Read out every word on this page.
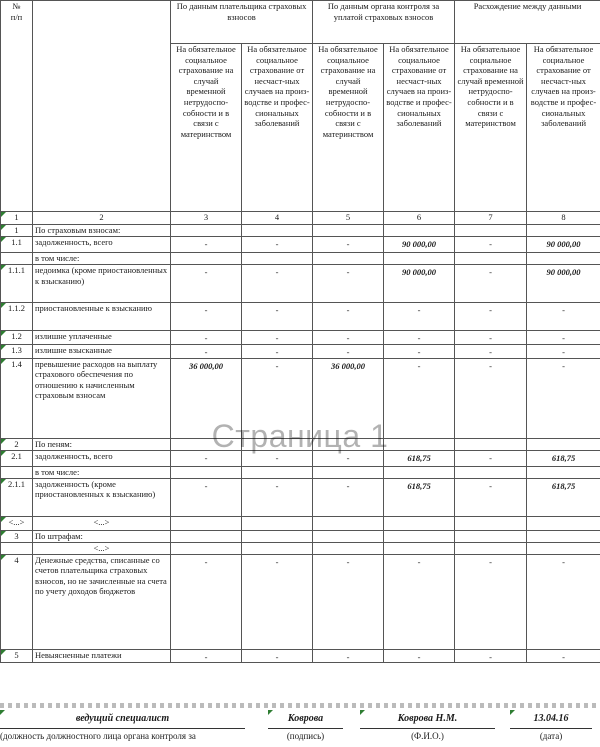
№
п/п		По данным плательщика страховых взносов		По данным органа контроля за уплатой страховых взносов		Расхождение между данными	
		На обязательное социальное страхование на случай временной нетрудоспо-собности и в связи с материнством	На обязательное социальное страхование от несчаст-ных случаев на произ-водстве и профес-сиональных заболеваний	На обязательное социальное страхование на случай временной нетрудоспо-собности и в связи с материнством	На обязательное социальное страхование от несчаст-ных случаев на произ-водстве и профес-сиональных заболеваний	На обязательное социальное страхование на случай временной нетрудоспо-собности и в связи с материнством	На обязательное социальное страхование от несчаст-ных случаев на произ-водстве и профес-сиональных заболеваний
1	2	3	4	5	6	7	8
1	По страховым взносам:						
1.1	задолженность, всего	-	-	-	90 000,00	-	90 000,00
	в том числе:						
1.1.1	недоимка (кроме приостановленных к взысканию)	-	-	-	90 000,00	-	90 000,00
1.1.2	приостановленные к взысканию	-	-	-	-	-	-
1.2	излишне уплаченные	-	-	-	-	-	-
1.3	излишне взысканные	-	-	-	-	-	-
1.4	превышение расходов на выплату страхового обеспечения по отношению к начисленным страховым взносам	36 000,00	-	36 000,00	-	-	-
2	По пеням:						
2.1	задолженность, всего	-	-	-	618,75	-	618,75
	в том числе:						
2.1.1	задолженность (кроме приостановленных к взысканию)	-	-	-	618,75	-	618,75
<...>	<...>						
3	По штрафам:						
	<...>						
4	Денежные средства, списанные со счетов плательщика страховых взносов, но не зачисленные на счета по учету доходов бюджетов	-	-	-	-	-	-
5	Невыясненные платежи	-	-	-	-	-	-
Страница 1
ведущий специалист
(должность должностного лица органа контроля за
Коврова
(подпись)
Коврова Н.М.
(Ф.И.О.)
13.04.16
(дата)
